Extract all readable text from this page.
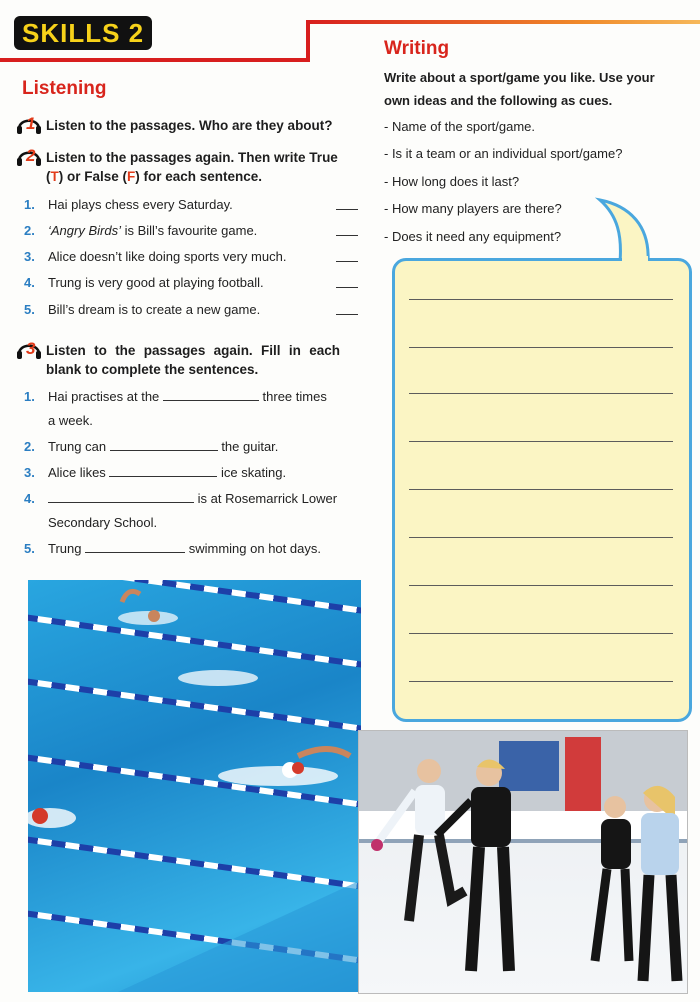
SKILLS 2
Listening
1 Listen to the passages. Who are they about?
2 Listen to the passages again. Then write True
(T) or False (F) for each sentence.
1.	Hai plays chess every Saturday.
2.	‘Angry Birds’ is Bill’s favourite game.
3.	Alice doesn’t like doing sports very much.
4.	Trung is very good at playing football.
5.	Bill’s dream is to create a new game.
3 Listen to the passages again. Fill in each
blank to complete the sentences.
1.	Hai practises at the	three times
a week.
2.	Trung can	the guitar.
3.	Alice likes	ice skating.
4.	is at Rosemarrick Lower
Secondary School.
5.	Trung	swimming on hot days.
Writing
Write about a sport/game you like. Use your
own ideas and the following as cues.
- Name of the sport/game.
- Is it a team or an individual sport/game?
- How long does it last?
- How many players are there?
- Does it need any equipment?
